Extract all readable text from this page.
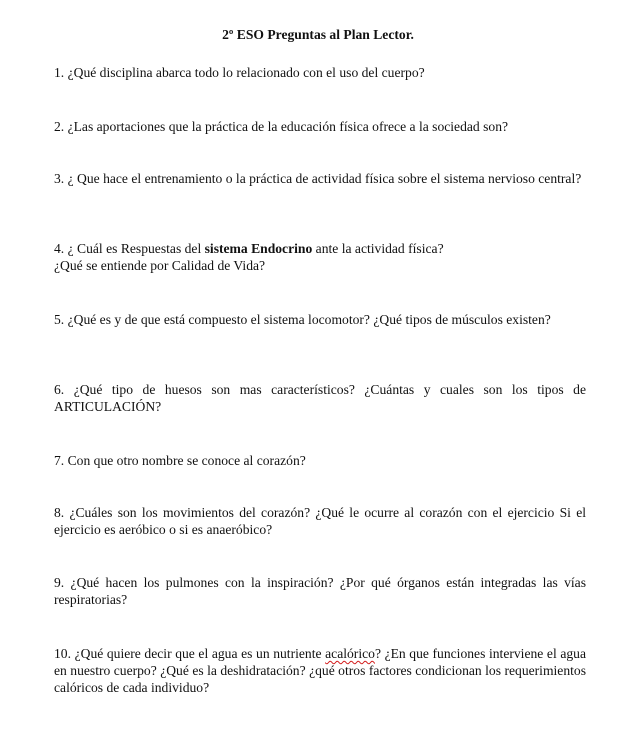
2º ESO Preguntas al Plan Lector.

1. ¿Qué disciplina abarca todo lo relacionado con el uso del cuerpo?

2. ¿Las aportaciones que la práctica de la educación física ofrece a la sociedad son?

3. ¿ Que hace el entrenamiento o la práctica de actividad física sobre el sistema nervioso central?

4. ¿ Cuál es Respuestas del sistema Endocrino ante la actividad física?
¿Qué se entiende por Calidad de Vida?

5. ¿Qué es y de que está compuesto el sistema locomotor? ¿Qué tipos de músculos existen?

6. ¿Qué tipo de huesos son mas característicos? ¿Cuántas y cuales son los tipos de ARTICULACIÓN?

7. Con que otro nombre se conoce al corazón?

8. ¿Cuáles son los movimientos del corazón? ¿Qué le ocurre al corazón con el ejercicio Si el ejercicio es aeróbico o si es anaeróbico?

9. ¿Qué hacen los pulmones con la inspiración? ¿Por qué órganos están integradas las vías respiratorias?

10. ¿Qué quiere decir que el agua es un nutriente acalórico? ¿En que funciones interviene el agua en nuestro cuerpo? ¿Qué es la deshidratación? ¿qué otros factores condicionan los requerimientos calóricos de cada individuo?
